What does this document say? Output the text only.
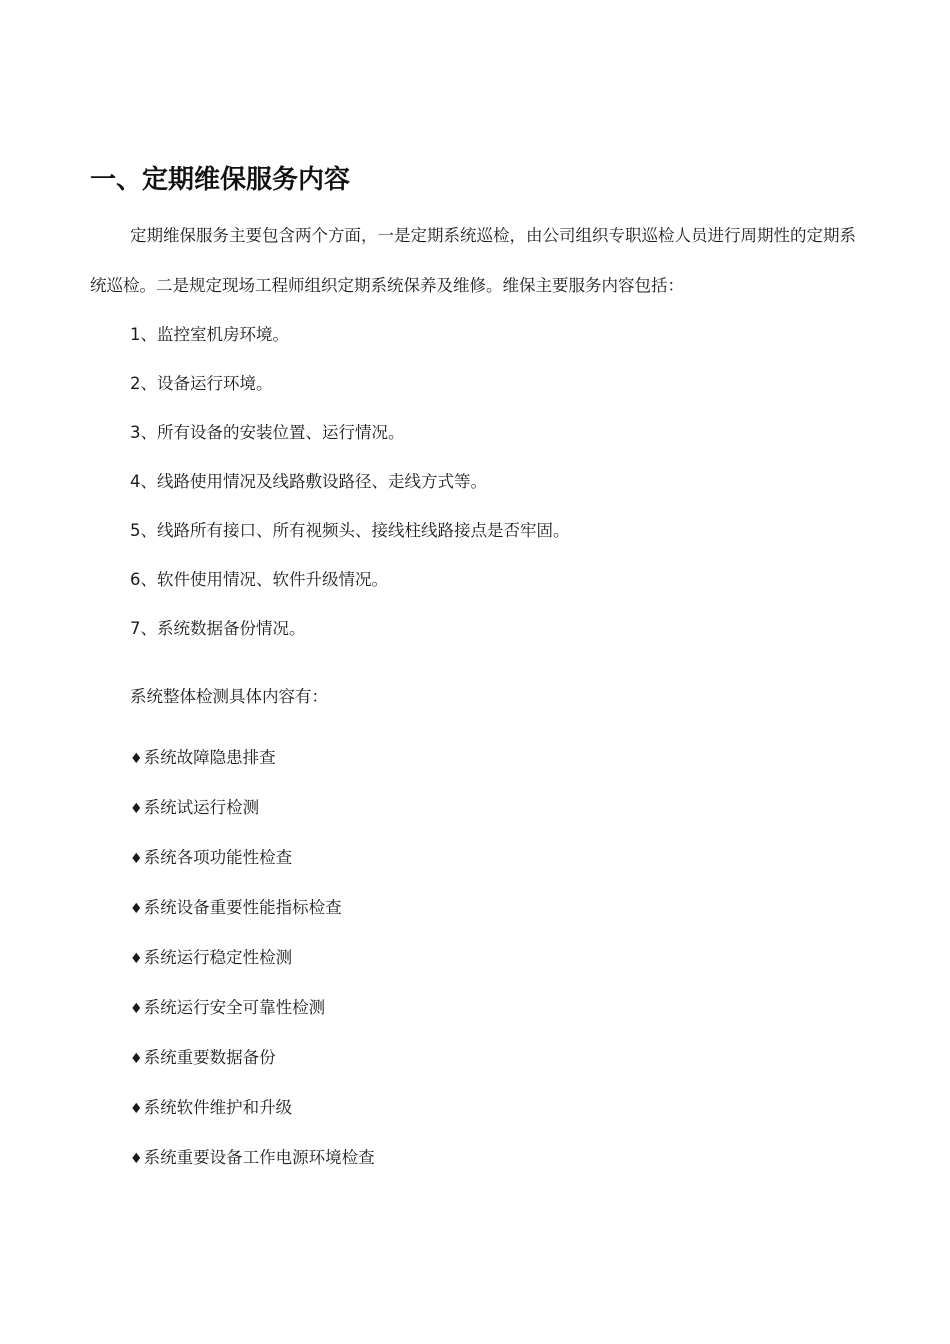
一、定期维保服务内容

定期维保服务主要包含两个方面，一是定期系统巡检，由公司组织专职巡检人员进行周期性的定期系统巡检。二是规定现场工程师组织定期系统保养及维修。维保主要服务内容包括：

1、监控室机房环境。
2、设备运行环境。
3、所有设备的安装位置、运行情况。
4、线路使用情况及线路敷设路径、走线方式等。
5、线路所有接口、所有视频头、接线柱线路接点是否牢固。
6、软件使用情况、软件升级情况。
7、系统数据备份情况。
系统整体检测具体内容有：
♦系统故障隐患排查
♦系统试运行检测
♦系统各项功能性检查
♦系统设备重要性能指标检查
♦系统运行稳定性检测
♦系统运行安全可靠性检测
♦系统重要数据备份
♦系统软件维护和升级
♦系统重要设备工作电源环境检查
